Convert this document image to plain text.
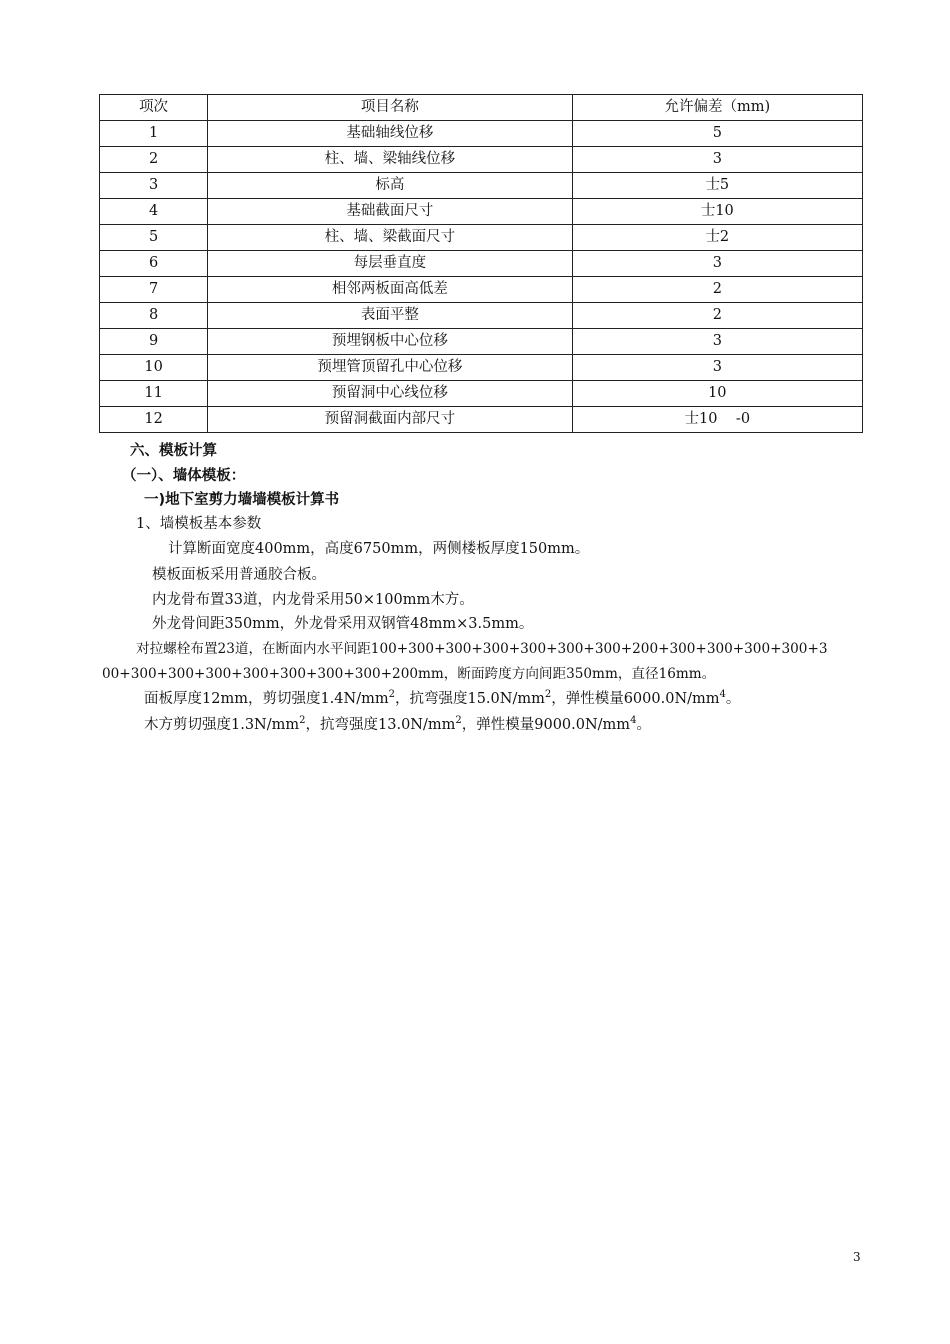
项次	项目名称	允许偏差（mm)
1	基础轴线位移	5
2	柱、墙、梁轴线位移	3
3	标高	士5
4	基础截面尺寸	士10
5	柱、墙、梁截面尺寸	士2
6	每层垂直度	3
7	相邻两板面高低差	2
8	表面平整	2
9	预埋钢板中心位移	3
10	预埋管顶留孔中心位移	3
11	预留洞中心线位移	10
12	预留洞截面内部尺寸	士10    -0
六、模板计算
（一）、墙体模板：
一)地下室剪力墙墙模板计算书
1、墙模板基本参数
计算断面宽度400mm，高度6750mm，两侧楼板厚度150mm。
模板面板采用普通胶合板。
内龙骨布置33道，内龙骨采用50×100mm木方。
外龙骨间距350mm，外龙骨采用双钢管48mm×3.5mm。
对拉螺栓布置23道，在断面内水平间距100+300+300+300+300+300+300+200+300+300+300+300+3
00+300+300+300+300+300+300+300+200mm，断面跨度方向间距350mm，直径16mm。
面板厚度12mm，剪切强度$1.4N/mm^2$，抗弯强度$15.0N/mm^2$，弹性模量$6000.0N/mm^4$。
木方剪切强度$1.3N/mm^2$，抗弯强度$13.0N/mm^2$，弹性模量$9000.0N/mm^4$。
3
